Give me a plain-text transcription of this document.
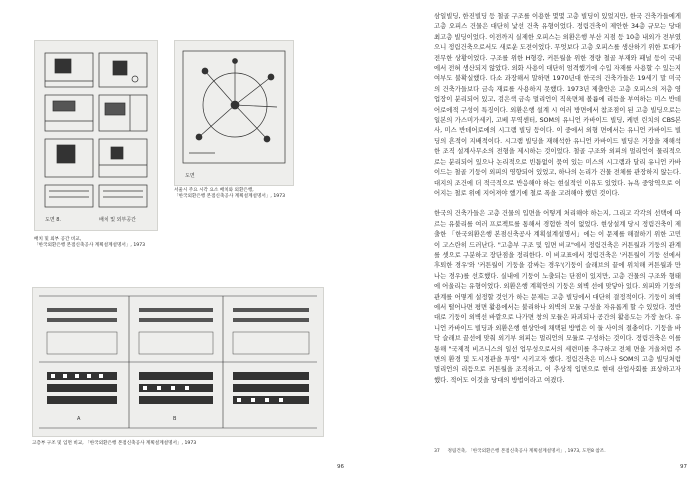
도면 8.	배치 및 외부공간
배치 및 외부 공간 비교,
「한국외환은행 본점신축공사 계획설계설명서」, 1973
도면
서울시 주요 시각 요소 배치와 외환은행,
「한국외환은행 본점신축공사 계획설계설명서」, 1973
A	B
고층부 구조 및 입면 비교, 「한국외환은행 본점신축공사 계획설계설명서」, 1973
96

삼일빌딩, 한진빌딩 등 철골 구조를 이용한 몇몇 고층 빌딩이 있었지만, 한국 건축가들에게 고층 오피스 건물은 대단히 낯선 건축 유형이었다. 정림건축이 제안한 34층 규모는 당대 최고층 빌딩이었다. 이전까지 실제한 오피스는 외환은행 부산 지점 등 10층 내외가 전부였으니 정림건축으로서도 새로운 도전이었다. 무엇보다 고층 오피스를 생산하기 위한 토대가 전무한 상황이었다. 구조를 위한 H형강, 커튼월을 위한 경량 철골 부재와 패널 등이 국내에서 전혀 생산되지 않았다. 외화 사용이 대단히 엄격했기에 수입 자재를 사용할 수 있는지 여부도 불확실했다. 다소 과장해서 말하면 1970년대 한국의 건축가들은 19세기 말 미국의 건축가들보다 금속 재료를 사용하지 못했다. 1973년 제출안은 고층 오피스의 저층 영업장이 분리되어 있고, 검은색 금속 멀리언이 직육면체 볼륨에 리듬을 부여하는 미스 반데어로에적 구성이 특징이다. 외환은행 설계 시 여러 방면에서 참조점이 된 고층 빌딩으로는 일본의 가스미가세키, 고베 무역센터, SOM의 유니언 카바이드 빌딩, 케빈 린치의 CBS본사, 미스 반데어로에의 시그램 빌딩 등이다. 이 중에서 외형 면에서는 유니언 카바이드 빌딩의 흔적이 지배적이다. 시그램 빌딩을 재해석한 유니언 카바이드 빌딩은 거장을 재해석한 조직 설계사무소의 전형을 제시하는 것이었다. 철골 구조와 외피의 멀리언이 물리적으로는 분리되어 있으나 논리적으로 빈틈없이 묶여 있는 미스의 시그램과 달리 유니언 카바이드는 철골 기둥이 외피의 영향되어 있었고, 하나의 논리가 건물 전체를 관장하지 않는다. 대지의 조건에 더 적극적으로 반응해야 하는 현실적인 이유도 있었다. 뉴욕 중앙역으로 이어지는 철로 위에 지어져야 했기에 철로 폭을 고려해야 했던 것이다.

한국의 건축가들은 고층 건물의 입면을 어떻게 처리해야 하는지, 그리고 각각의 선택에 따르는 유불리를 여러 프로젝트를 통해서 경험한 적이 없었다. 현상설계 당시 정림건축이 제출한 「한국외환은행 본점신축공사 계획설계설명서」에는 이 문제를 해결하기 위한 고민이 고스란히 드러난다. "고층부 구조 및 입면 비교"에서 정림건축은 커튼월과 기둥의 관계를 셋으로 구분하고 장단점을 정리한다. 이 비교표에서 정림건축은 '커튼월이 기둥 선에서 후퇴한 경우'와 '커튼월이 기둥을 감싸는 경우'(기둥이 슬래브의 끝에 위치해 커튼월과 만나는 경우)를 선호했다. 실내에 기둥이 노출되는 단점이 있지만, 고층 건물의 구조와 형태에 어울리는 유형이었다. 외환은행 계획안의 기둥은 외벽 선에 맞닿아 있다. 외피와 기둥의 관계를 어떻게 설정할 것인가 하는 문제는 고층 빌딩에서 대단히 결정적이다. 기둥이 외벽에서 떨어나면 평면 활용에서는 불리하나 외벽의 모듈 구성을 자유롭게 할 수 있었다. 정반대로 기둥이 외벽선 바깥으로 나가면 창의 모듈은 파괴되나 공간의 활용도는 가장 높다. 유니언 카바이드 빌딩과 외환은행 현상안에 채택된 방법은 이 둘 사이의 절충이다. 기둥을 바닥 슬래브 끝선에 맞춰 외기부 외피는 멀리언의 모듈로 구성하는 것이다. 정림건축은 이를 통해 "국제적 비즈니스의 일선 업무성으로서의 세련미를 추구하고 전체 면을 거울처럼 주변의 환경 및 도시경관을 투영" 시키고자 했다. 정림건축은 미스나 SOM의 고층 빌딩처럼 멀리언의 리듬으로 커튼월을 조직하고, 이 추상적 입면으로 현대 산업사회를 표상하고자 했다. 적어도 이것을 당대의 방법이라고 여겼다.

37 정림건축, 「한국외환은행 본점신축공사 계획설계설명서」, 1973, 도면8 참조.
97
